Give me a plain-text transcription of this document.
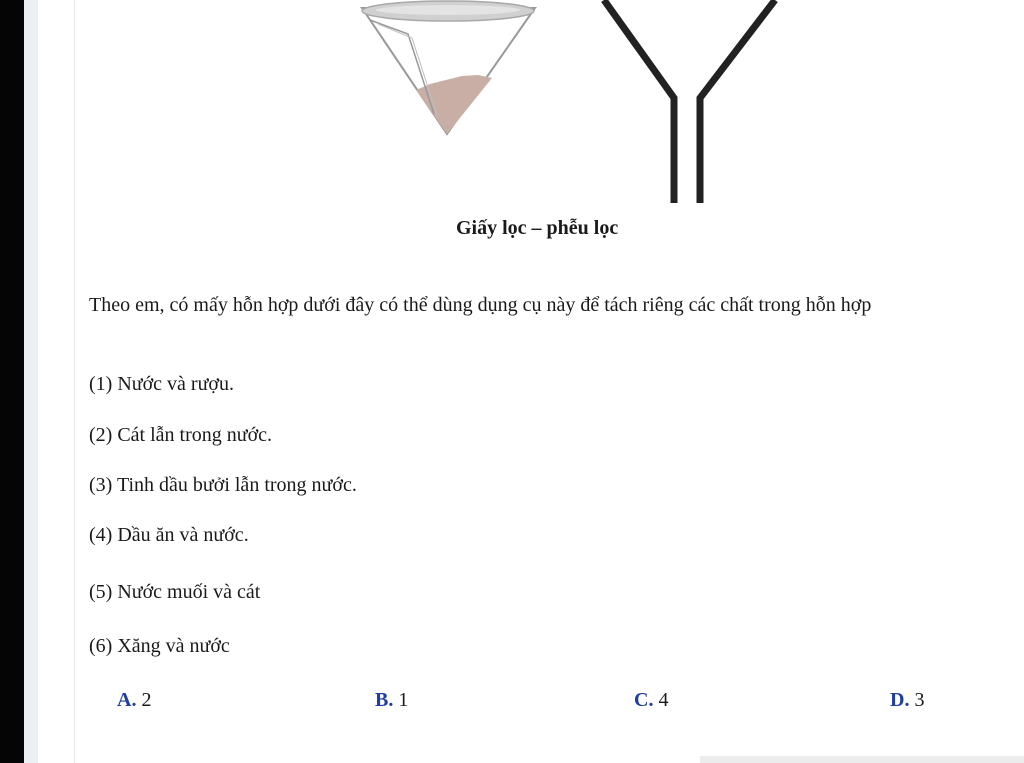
Giấy lọc – phễu lọc
Theo em, có mấy hỗn hợp dưới đây có thể dùng dụng cụ này để tách riêng các chất trong hỗn hợp
(1) Nước và rượu.
(2) Cát lẫn trong nước.
(3) Tinh dầu bưởi lẫn trong nước.
(4) Dầu ăn và nước.
(5) Nước muối và cát
(6) Xăng và nước
A. 2	B. 1	C. 4	D. 3
